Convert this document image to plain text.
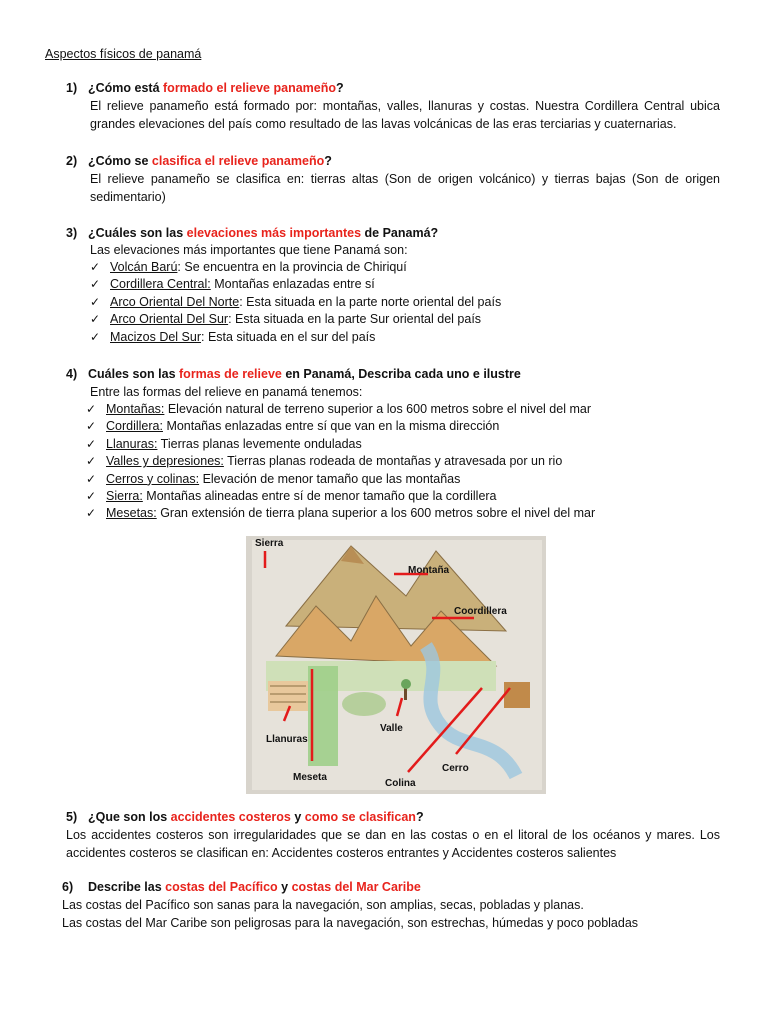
Aspectos físicos de panamá
1) ¿Cómo está formado el relieve panameño?
El relieve panameño está formado por: montañas, valles, llanuras y costas. Nuestra Cordillera Central ubica grandes elevaciones del país como resultado de las lavas volcánicas de las eras terciarias y cuaternarias.
2) ¿Cómo se clasifica el relieve panameño?
El relieve panameño se clasifica en: tierras altas (Son de origen volcánico) y tierras bajas (Son de origen sedimentario)
3) ¿Cuáles son las elevaciones más importantes de Panamá?
Las elevaciones más importantes que tiene Panamá son:
✓ Volcán Barú: Se encuentra en la provincia de Chiriquí
✓ Cordillera Central: Montañas enlazadas entre sí
✓ Arco Oriental Del Norte: Esta situada en la parte norte oriental del país
✓ Arco Oriental Del Sur: Esta situada en la parte Sur oriental del país
✓ Macizos Del Sur: Esta situada en el sur del país
4) Cuáles son las formas de relieve en Panamá, Describa cada uno e ilustre
Entre las formas del relieve en panamá tenemos:
✓ Montañas: Elevación natural de terreno superior a los 600 metros sobre el nivel del mar
✓ Cordillera: Montañas enlazadas entre sí que van en la misma dirección
✓ Llanuras: Tierras planas levemente onduladas
✓ Valles y depresiones: Tierras planas rodeada de montañas y atravesada por un rio
✓ Cerros y colinas: Elevación de menor tamaño que las montañas
✓ Sierra: Montañas alineadas entre sí de menor tamaño que la cordillera
✓ Mesetas: Gran extensión de tierra plana superior a los 600 metros sobre el nivel del mar
Sierra
Montaña
Coordillera
Llanuras
Valle
Meseta
Cerro
Colina
5) ¿Que son los accidentes costeros y como se clasifican?
Los accidentes costeros son irregularidades que se dan en las costas o en el litoral de los océanos y mares. Los accidentes costeros se clasifican en: Accidentes costeros entrantes y Accidentes costeros salientes
6) Describe las costas del Pacífico y costas del Mar Caribe
Las costas del Pacífico son sanas para la navegación, son amplias, secas, pobladas y planas.
Las costas del Mar Caribe son peligrosas para la navegación, son estrechas, húmedas y poco pobladas
